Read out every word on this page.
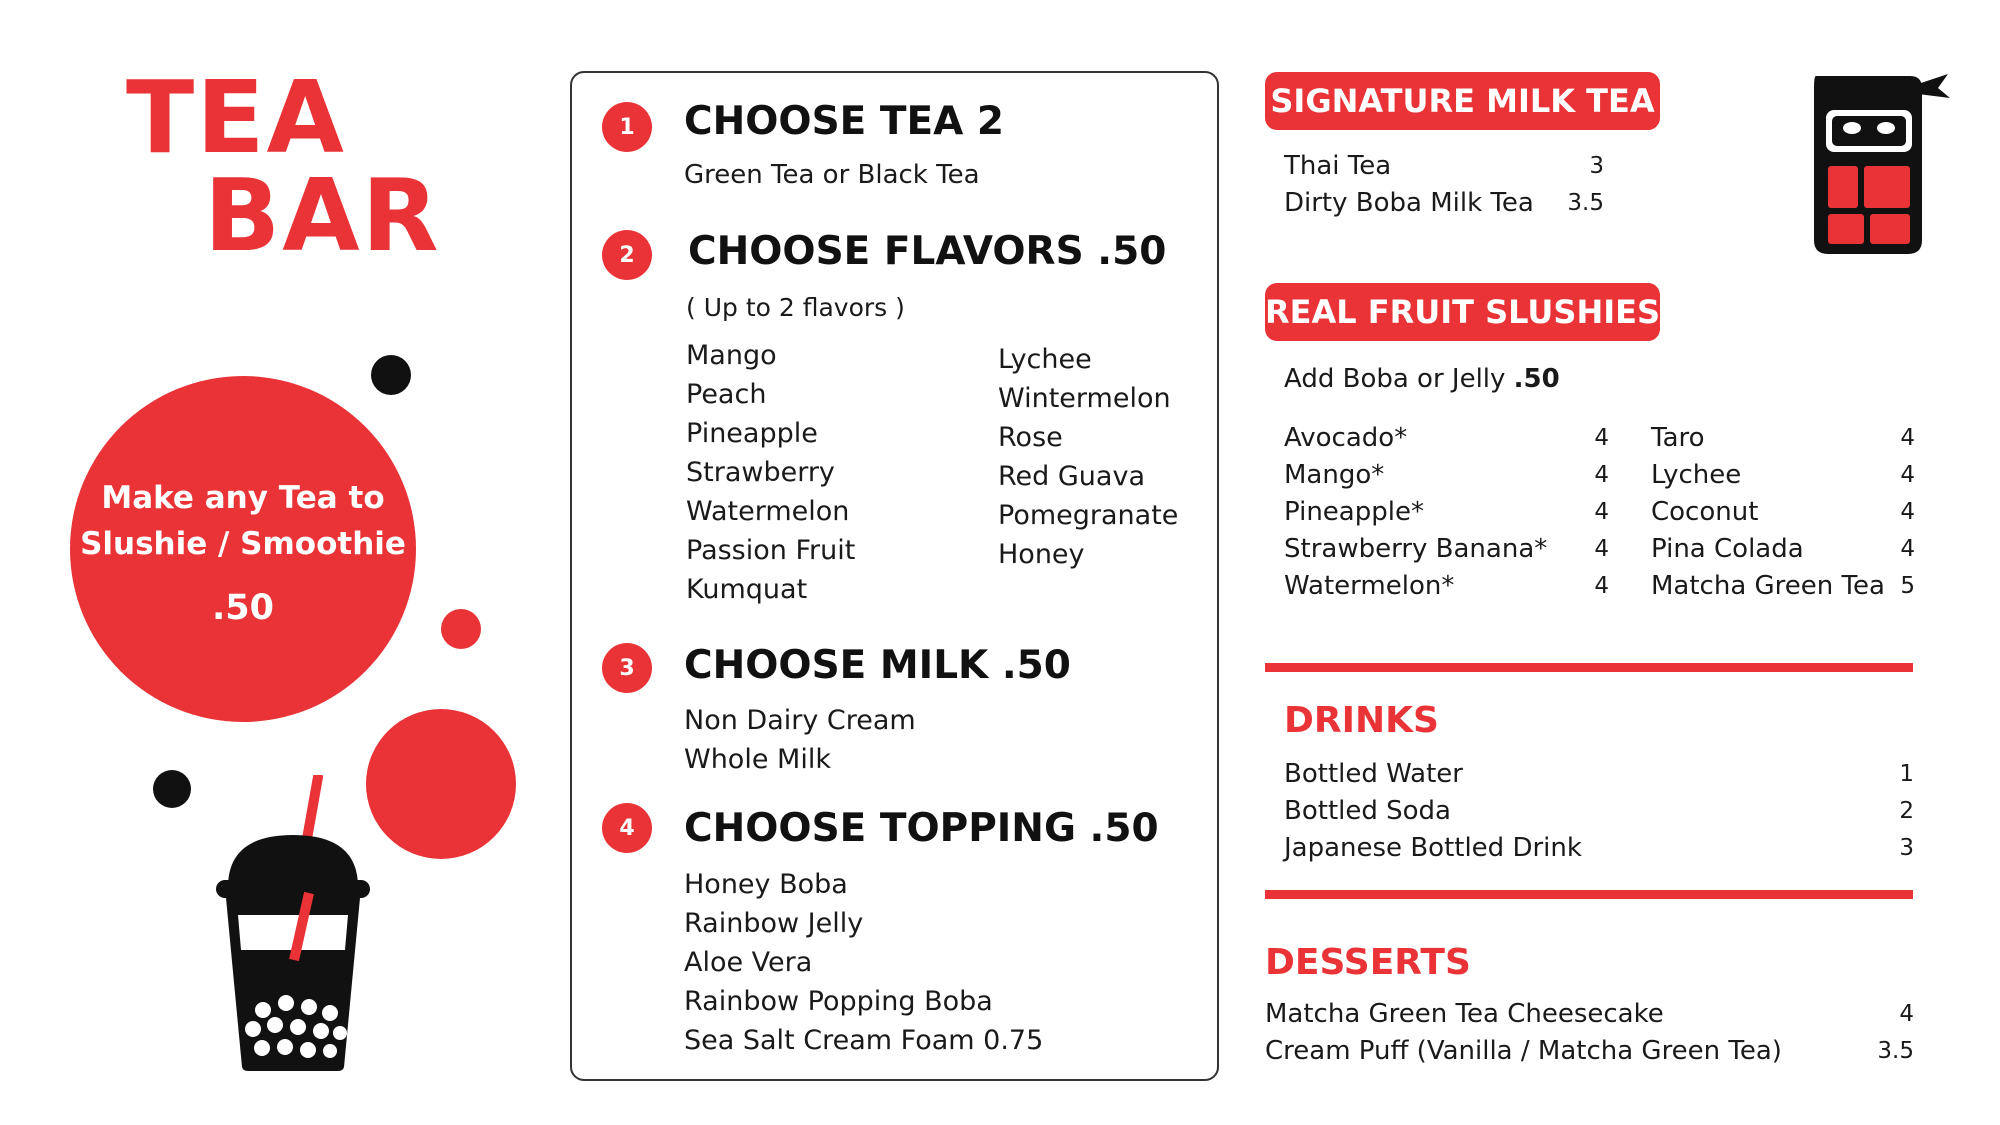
TEA
BAR
Make any Tea to
Slushie / Smoothie
.50
1	CHOOSE TEA 2
Green Tea or Black Tea
2	CHOOSE FLAVORS .50
( Up to 2 flavors )
Mango
Peach
Pineapple
Strawberry
Watermelon
Passion Fruit
Kumquat
Lychee
Wintermelon
Rose
Red Guava
Pomegranate
Honey
3	CHOOSE MILK .50
Non Dairy Cream
Whole Milk
4	CHOOSE TOPPING .50
Honey Boba
Rainbow Jelly
Aloe Vera
Rainbow Popping Boba
Sea Salt Cream Foam 0.75
SIGNATURE MILK TEA
Thai Tea	3
Dirty Boba Milk Tea 3.5
REAL FRUIT SLUSHIES
Add Boba or Jelly .50
Avocado*	4
Mango*	4
Pineapple*	4
Strawberry Banana* 4
Watermelon*	4
Taro	4
Lychee	4
Coconut	4
Pina Colada	4
Matcha Green Tea 5
DRINKS
Bottled Water	1
Bottled Soda	2
Japanese Bottled Drink	3
DESSERTS
Matcha Green Tea Cheesecake	4
Cream Puff (Vanilla / Matcha Green Tea)	3.5
